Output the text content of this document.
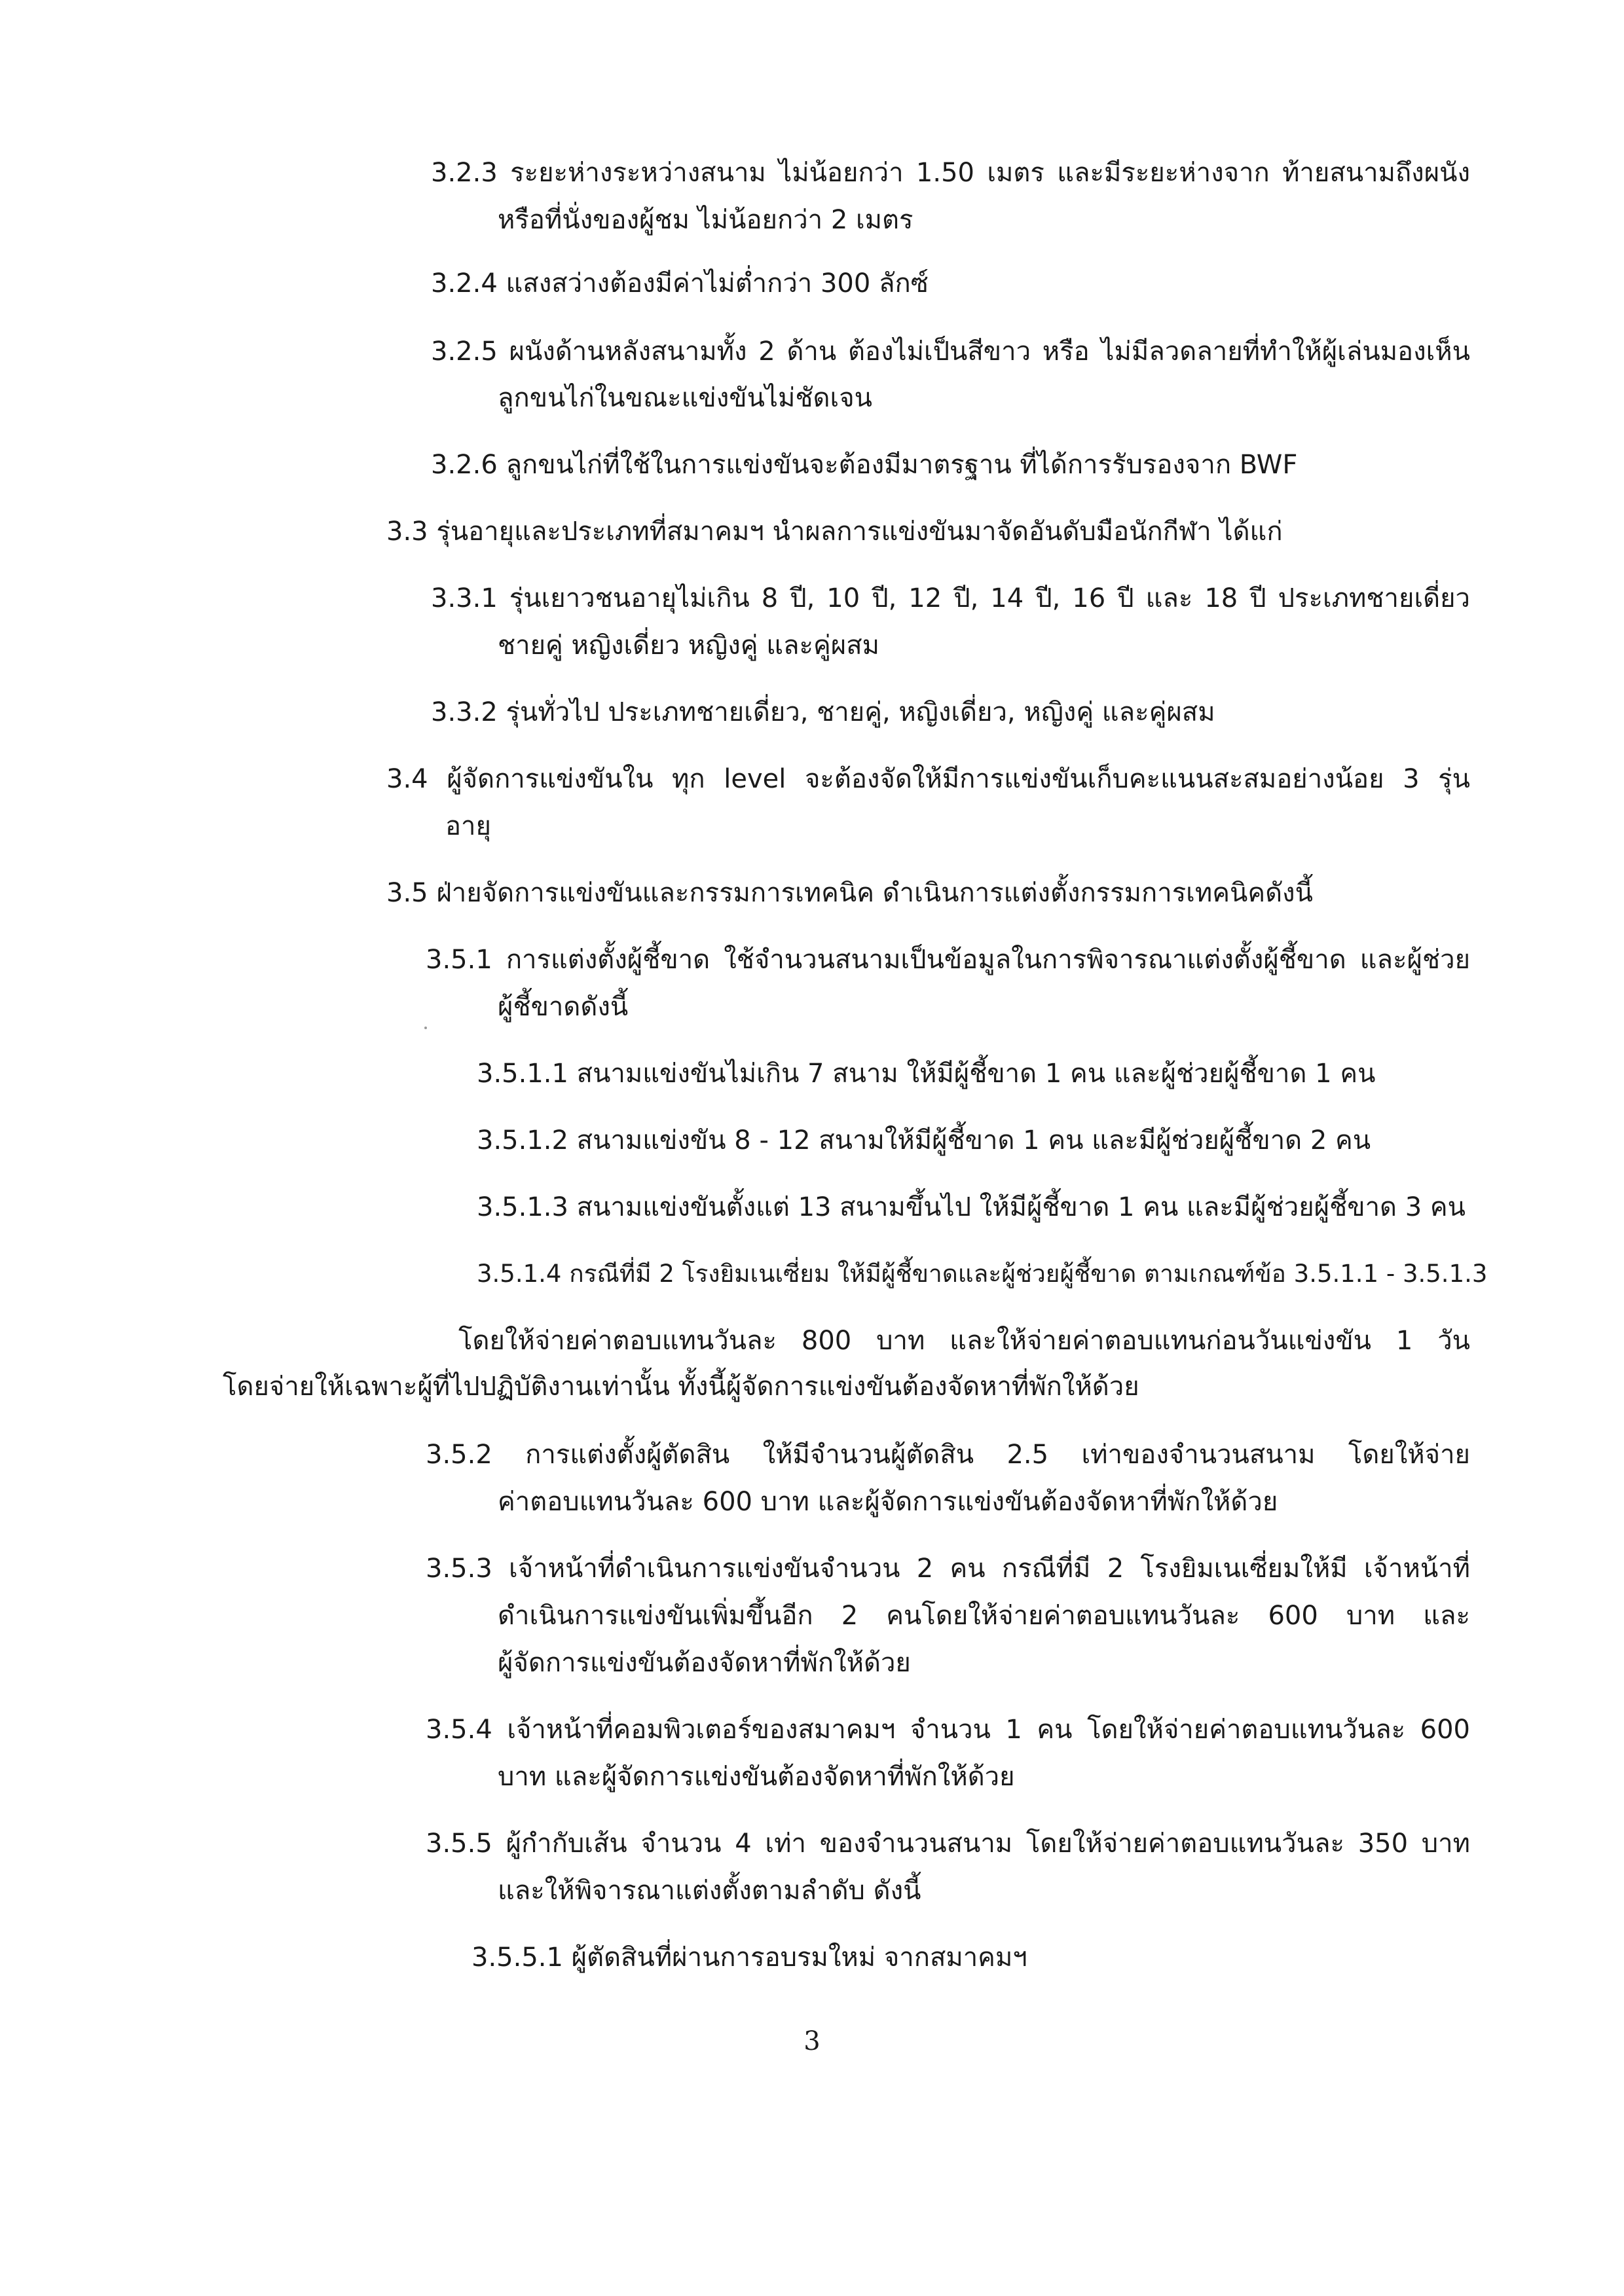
3.2.3 ระยะห่างระหว่างสนาม ไม่น้อยกว่า 1.50 เมตร และมีระยะห่างจาก ท้ายสนามถึงผนัง

หรือที่นั่งของผู้ชม ไม่น้อยกว่า 2 เมตร

3.2.4 แสงสว่างต้องมีค่าไม่ต่ำกว่า 300 ลักซ์

3.2.5 ผนังด้านหลังสนามทั้ง 2 ด้าน ต้องไม่เป็นสีขาว หรือ ไม่มีลวดลายที่ทำให้ผู้เล่นมองเห็น

ลูกขนไก่ในขณะแข่งขันไม่ชัดเจน

3.2.6 ลูกขนไก่ที่ใช้ในการแข่งขันจะต้องมีมาตรฐาน ที่ได้การรับรองจาก BWF

3.3 รุ่นอายุและประเภทที่สมาคมฯ นำผลการแข่งขันมาจัดอันดับมือนักกีฬา ได้แก่

3.3.1 รุ่นเยาวชนอายุไม่เกิน 8 ปี, 10 ปี, 12 ปี, 14 ปี, 16 ปี และ 18 ปี ประเภทชายเดี่ยว

ชายคู่ หญิงเดี่ยว หญิงคู่ และคู่ผสม

3.3.2 รุ่นทั่วไป ประเภทชายเดี่ยว, ชายคู่, หญิงเดี่ยว, หญิงคู่ และคู่ผสม

3.4 ผู้จัดการแข่งขันใน ทุก level จะต้องจัดให้มีการแข่งขันเก็บคะแนนสะสมอย่างน้อย 3 รุ่น

อายุ

3.5 ฝ่ายจัดการแข่งขันและกรรมการเทคนิค ดำเนินการแต่งตั้งกรรมการเทคนิคดังนี้

3.5.1 การแต่งตั้งผู้ชี้ขาด ใช้จำนวนสนามเป็นข้อมูลในการพิจารณาแต่งตั้งผู้ชี้ขาด และผู้ช่วย

ผู้ชี้ขาดดังนี้

3.5.1.1 สนามแข่งขันไม่เกิน 7 สนาม ให้มีผู้ชี้ขาด 1 คน และผู้ช่วยผู้ชี้ขาด 1 คน

3.5.1.2 สนามแข่งขัน 8 - 12 สนามให้มีผู้ชี้ขาด 1 คน และมีผู้ช่วยผู้ชี้ขาด 2 คน

3.5.1.3 สนามแข่งขันตั้งแต่ 13 สนามขึ้นไป ให้มีผู้ชี้ขาด 1 คน และมีผู้ช่วยผู้ชี้ขาด 3 คน

3.5.1.4 กรณีที่มี 2 โรงยิมเนเซี่ยม ให้มีผู้ชี้ขาดและผู้ช่วยผู้ชี้ขาด ตามเกณฑ์ข้อ 3.5.1.1 - 3.5.1.3

โดยให้จ่ายค่าตอบแทนวันละ 800 บาท และให้จ่ายค่าตอบแทนก่อนวันแข่งขัน 1 วัน

โดยจ่ายให้เฉพาะผู้ที่ไปปฏิบัติงานเท่านั้น ทั้งนี้ผู้จัดการแข่งขันต้องจัดหาที่พักให้ด้วย

3.5.2 การแต่งตั้งผู้ตัดสิน ให้มีจำนวนผู้ตัดสิน 2.5 เท่าของจำนวนสนาม โดยให้จ่าย

ค่าตอบแทนวันละ 600 บาท และผู้จัดการแข่งขันต้องจัดหาที่พักให้ด้วย

3.5.3 เจ้าหน้าที่ดำเนินการแข่งขันจำนวน 2 คน กรณีที่มี 2 โรงยิมเนเซี่ยมให้มี เจ้าหน้าที่

ดำเนินการแข่งขันเพิ่มขึ้นอีก 2 คนโดยให้จ่ายค่าตอบแทนวันละ 600 บาท และ

ผู้จัดการแข่งขันต้องจัดหาที่พักให้ด้วย

3.5.4 เจ้าหน้าที่คอมพิวเตอร์ของสมาคมฯ จำนวน 1 คน โดยให้จ่ายค่าตอบแทนวันละ 600

บาท และผู้จัดการแข่งขันต้องจัดหาที่พักให้ด้วย

3.5.5 ผู้กำกับเส้น จำนวน 4 เท่า ของจำนวนสนาม โดยให้จ่ายค่าตอบแทนวันละ 350 บาท

และให้พิจารณาแต่งตั้งตามลำดับ ดังนี้

3.5.5.1 ผู้ตัดสินที่ผ่านการอบรมใหม่ จากสมาคมฯ

3
